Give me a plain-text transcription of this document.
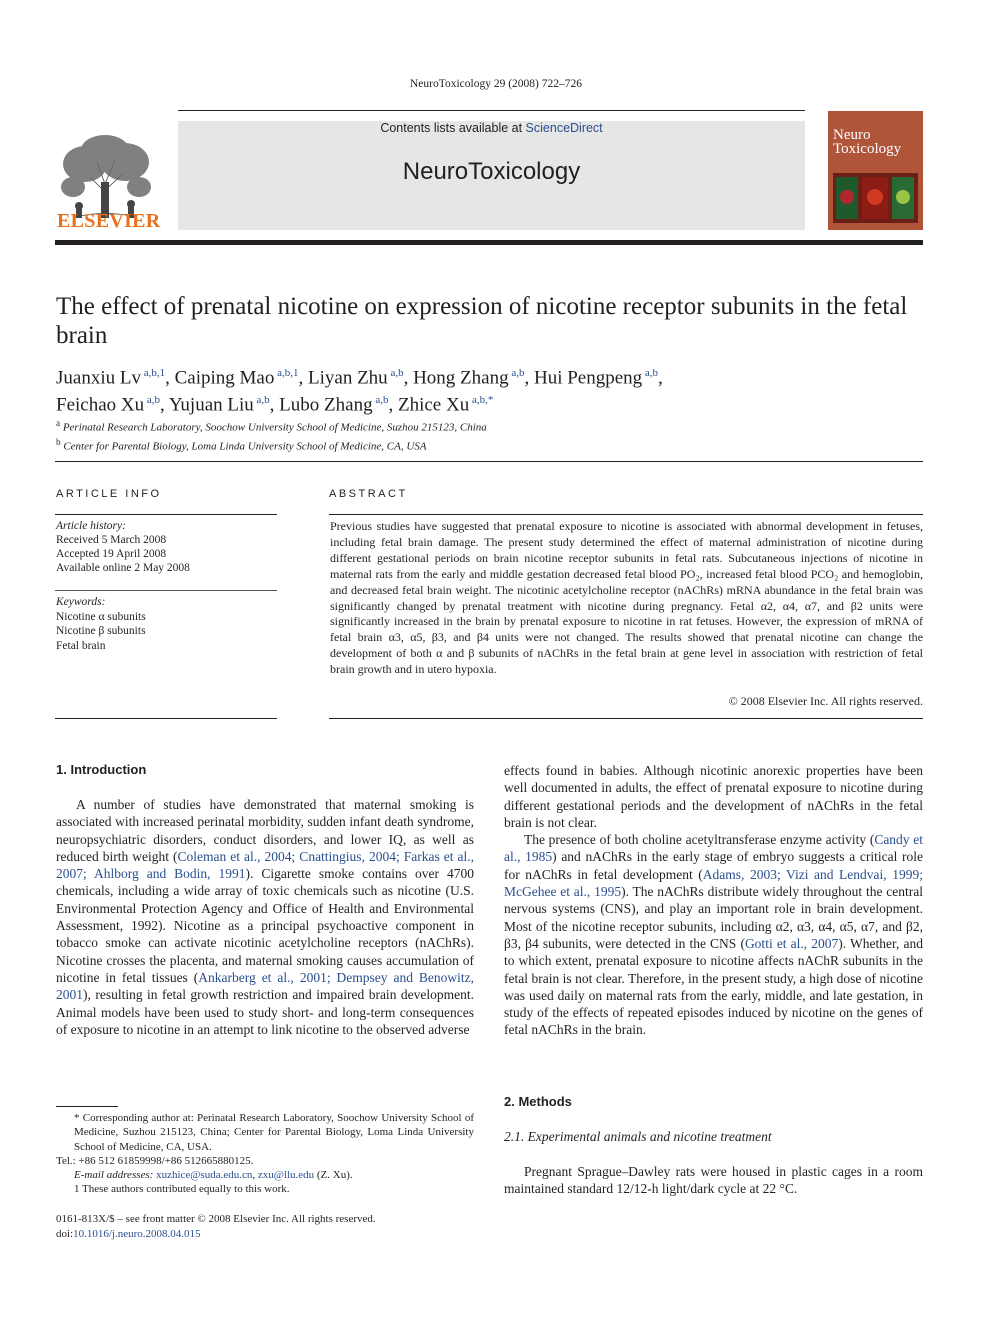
NeuroToxicology 29 (2008) 722–726
ELSEVIER
Contents lists available at ScienceDirect
NeuroToxicology
Neuro
Toxicology
The effect of prenatal nicotine on expression of nicotine receptor subunits in the fetal brain
Juanxiu Lv $^{a,b,1}$, Caiping Mao $^{a,b,1}$, Liyan Zhu $^{a,b}$, Hong Zhang $^{a,b}$, Hui Pengpeng $^{a,b}$,
Feichao Xu $^{a,b}$, Yujuan Liu $^{a,b}$, Lubo Zhang $^{a,b}$, Zhice Xu $^{a,b,*}$
$^a$ Perinatal Research Laboratory, Soochow University School of Medicine, Suzhou 215123, China
$^b$ Center for Parental Biology, Loma Linda University School of Medicine, CA, USA
ARTICLE INFO	ABSTRACT
Article history:
Received 5 March 2008
Accepted 19 April 2008
Available online 2 May 2008
Keywords:
Nicotine α subunits
Nicotine β subunits
Fetal brain
Previous studies have suggested that prenatal exposure to nicotine is associated with abnormal development in fetuses, including fetal brain damage. The present study determined the effect of maternal administration of nicotine during different gestational periods on brain nicotine receptor subunits in fetal rats. Subcutaneous injections of nicotine in maternal rats from the early and middle gestation decreased fetal blood PO₂, increased fetal blood PCO₂ and hemoglobin, and decreased fetal brain weight. The nicotinic acetylcholine receptor (nAChRs) mRNA abundance in the fetal brain was significantly changed by prenatal treatment with nicotine during pregnancy. Fetal α2, α4, α7, and β2 units were significantly increased in the brain by prenatal exposure to nicotine in rat fetuses. However, the expression of mRNA of fetal brain α3, α5, β3, and β4 units were not changed. The results showed that prenatal nicotine can change the development of both α and β subunits of nAChRs in the fetal brain at gene level in association with restriction of fetal brain growth and in utero hypoxia.
© 2008 Elsevier Inc. All rights reserved.
1. Introduction

A number of studies have demonstrated that maternal smoking is associated with increased perinatal morbidity, sudden infant death syndrome, neuropsychiatric disorders, conduct disorders, and lower IQ, as well as reduced birth weight (Coleman et al., 2004; Cnattingius, 2004; Farkas et al., 2007; Ahlborg and Bodin, 1991). Cigarette smoke contains over 4700 chemicals, including a wide array of toxic chemicals such as nicotine (U.S. Environmental Protection Agency and Office of Health and Environmental Assessment, 1992). Nicotine as a principal psychoactive component in tobacco smoke can activate nicotinic acetylcholine receptors (nAChRs). Nicotine crosses the placenta, and maternal smoking causes accumulation of nicotine in fetal tissues (Ankarberg et al., 2001; Dempsey and Benowitz, 2001), resulting in fetal growth restriction and impaired brain development. Animal models have been used to study short- and long-term consequences of exposure to nicotine in an attempt to link nicotine to the observed adverse

* Corresponding author at: Perinatal Research Laboratory, Soochow University School of Medicine, Suzhou 215123, China; Center for Parental Biology, Loma Linda University School of Medicine, CA, USA.
Tel.: +86 512 61859998/+86 512665880125.
E-mail addresses: xuzhice@suda.edu.cn, zxu@llu.edu (Z. Xu).
1 These authors contributed equally to this work.
0161-813X/$ – see front matter © 2008 Elsevier Inc. All rights reserved.
doi:10.1016/j.neuro.2008.04.015

effects found in babies. Although nicotinic anorexic properties have been well documented in adults, the effect of prenatal exposure to nicotine during different gestational periods and the development of nAChRs in the fetal brain is not clear.

The presence of both choline acetyltransferase enzyme activity (Candy et al., 1985) and nAChRs in the early stage of embryo suggests a critical role for nAChRs in fetal development (Adams, 2003; Vizi and Lendvai, 1999; McGehee et al., 1995). The nAChRs distribute widely throughout the central nervous systems (CNS), and play an important role in brain development. Most of the nicotine receptor subunits, including α2, α3, α4, α5, α7, and β2, β3, β4 subunits, were detected in the CNS (Gotti et al., 2007). Whether, and to which extent, prenatal exposure to nicotine affects nAChR subunits in the fetal brain is not clear. Therefore, in the present study, a high dose of nicotine was used daily on maternal rats from the early, middle, and late gestation, in study of the effects of repeated episodes induced by nicotine on the genes of fetal nAChRs in the brain.

2. Methods
2.1. Experimental animals and nicotine treatment

Pregnant Sprague–Dawley rats were housed in plastic cages in a room maintained standard 12/12-h light/dark cycle at 22 °C.
